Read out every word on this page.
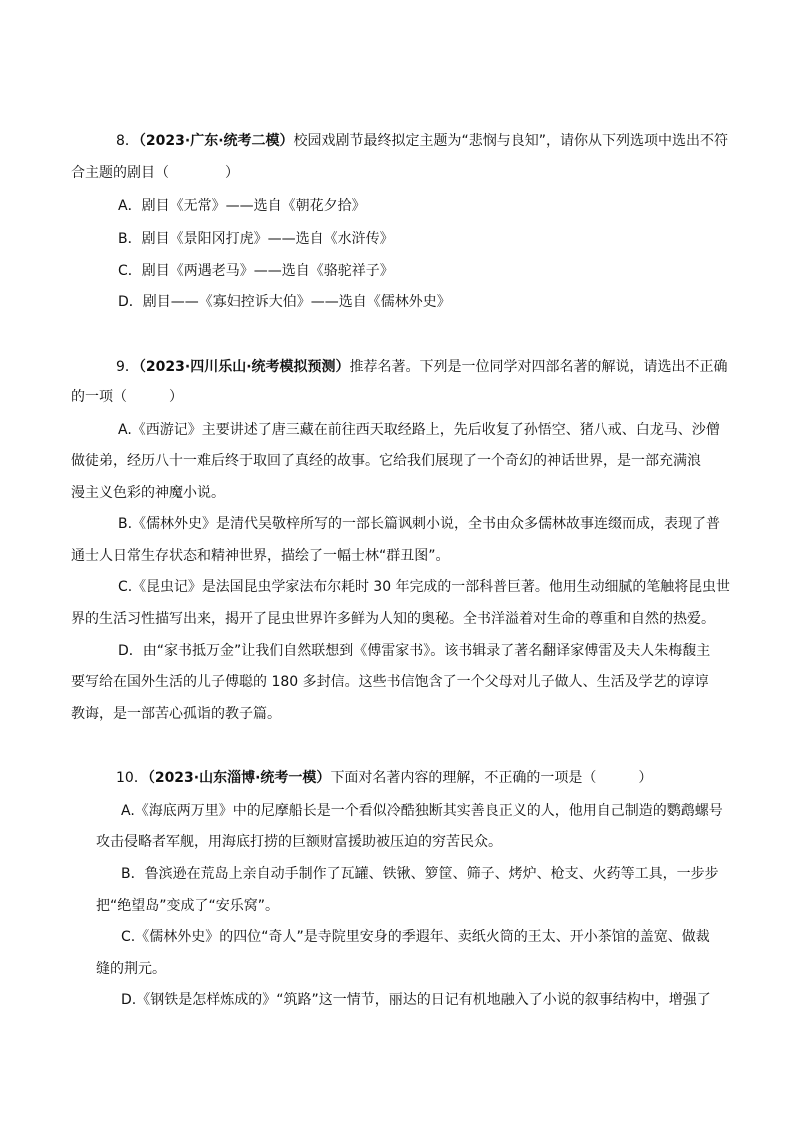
8．（2023·广东·统考二模）校园戏剧节最终拟定主题为“悲悯与良知”，请你从下列选项中选出不符
合主题的剧目（　　　　）
A．剧目《无常》——选自《朝花夕拾》
B．剧目《景阳冈打虎》——选自《水浒传》
C．剧目《两遇老马》——选自《骆驼祥子》
D．剧目——《寡妇控诉大伯》——选自《儒林外史》
9．（2023·四川乐山·统考模拟预测）推荐名著。下列是一位同学对四部名著的解说，请选出不正确
的一项（　　　）
A.《西游记》主要讲述了唐三藏在前往西天取经路上，先后收复了孙悟空、猪八戒、白龙马、沙僧
做徒弟，经历八十一难后终于取回了真经的故事。它给我们展现了一个奇幻的神话世界，是一部充满浪
漫主义色彩的神魔小说。
B.《儒林外史》是清代吴敬梓所写的一部长篇讽刺小说，全书由众多儒林故事连缀而成，表现了普
通士人日常生存状态和精神世界，描绘了一幅士林“群丑图”。
C.《昆虫记》是法国昆虫学家法布尔耗时 30 年完成的一部科普巨著。他用生动细腻的笔触将昆虫世
界的生活习性描写出来，揭开了昆虫世界许多鲜为人知的奥秘。全书洋溢着对生命的尊重和自然的热爱。
D．由“家书抵万金”让我们自然联想到《傅雷家书》。该书辑录了著名翻译家傅雷及夫人朱梅馥主
要写给在国外生活的儿子傅聪的 180 多封信。这些书信饱含了一个父母对儿子做人、生活及学艺的谆谆
教诲，是一部苦心孤诣的教子篇。
10．（2023·山东淄博·统考一模）下面对名著内容的理解，不正确的一项是（　　　）
A.《海底两万里》中的尼摩船长是一个看似冷酷独断其实善良正义的人，他用自己制造的鹦鹉螺号
攻击侵略者军舰，用海底打捞的巨额财富援助被压迫的穷苦民众。
B．鲁滨逊在荒岛上亲自动手制作了瓦罐、铁锹、箩筐、筛子、烤炉、枪支、火药等工具，一步步
把“绝望岛”变成了“安乐窝”。
C.《儒林外史》的四位“奇人”是寺院里安身的季遐年、卖纸火筒的王太、开小茶馆的盖宽、做裁
缝的荆元。
D.《钢铁是怎样炼成的》“筑路”这一情节，丽达的日记有机地融入了小说的叙事结构中，增强了
